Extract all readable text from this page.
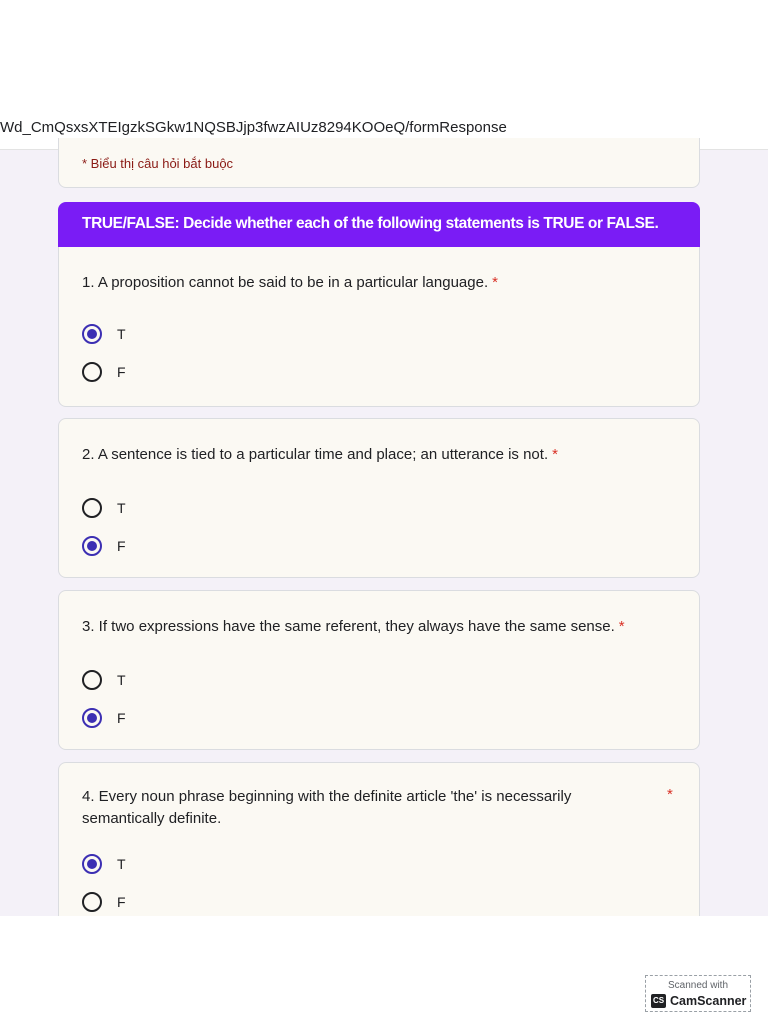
Wd_CmQsxsXTEIgzkSGkw1NQSBJjp3fwzAIUz8294KOOeQ/formResponse
* Biểu thị câu hỏi bắt buộc
TRUE/FALSE: Decide whether each of the following statements is TRUE or FALSE.
1. A proposition cannot be said to be in a particular language. *
T
F
2. A sentence is tied to a particular time and place; an utterance is not. *
T
F
3. If two expressions have the same referent, they always have the same sense. *
T
F
4. Every noun phrase beginning with the definite article 'the' is necessarily semantically definite.
*
T
F
Scanned with
CS CamScanner
